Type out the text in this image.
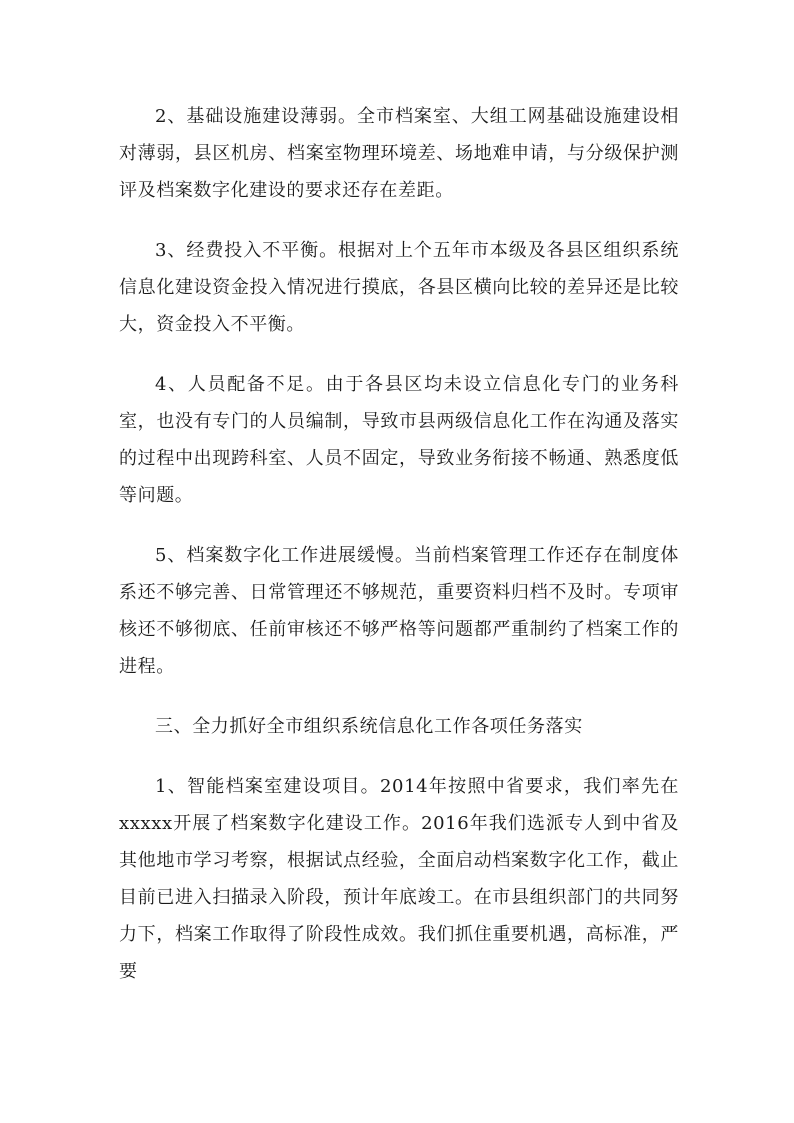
2、基础设施建设薄弱。全市档案室、大组工网基础设施建设相对薄弱，县区机房、档案室物理环境差、场地难申请，与分级保护测评及档案数字化建设的要求还存在差距。

3、经费投入不平衡。根据对上个五年市本级及各县区组织系统信息化建设资金投入情况进行摸底，各县区横向比较的差异还是比较大，资金投入不平衡。

4、人员配备不足。由于各县区均未设立信息化专门的业务科室，也没有专门的人员编制，导致市县两级信息化工作在沟通及落实的过程中出现跨科室、人员不固定，导致业务衔接不畅通、熟悉度低等问题。

5、档案数字化工作进展缓慢。当前档案管理工作还存在制度体系还不够完善、日常管理还不够规范，重要资料归档不及时。专项审核还不够彻底、任前审核还不够严格等问题都严重制约了档案工作的进程。

三、全力抓好全市组织系统信息化工作各项任务落实

1、智能档案室建设项目。2014年按照中省要求，我们率先在xxxxx开展了档案数字化建设工作。2016年我们选派专人到中省及其他地市学习考察，根据试点经验，全面启动档案数字化工作，截止目前已进入扫描录入阶段，预计年底竣工。在市县组织部门的共同努力下，档案工作取得了阶段性成效。我们抓住重要机遇，高标准，严要
